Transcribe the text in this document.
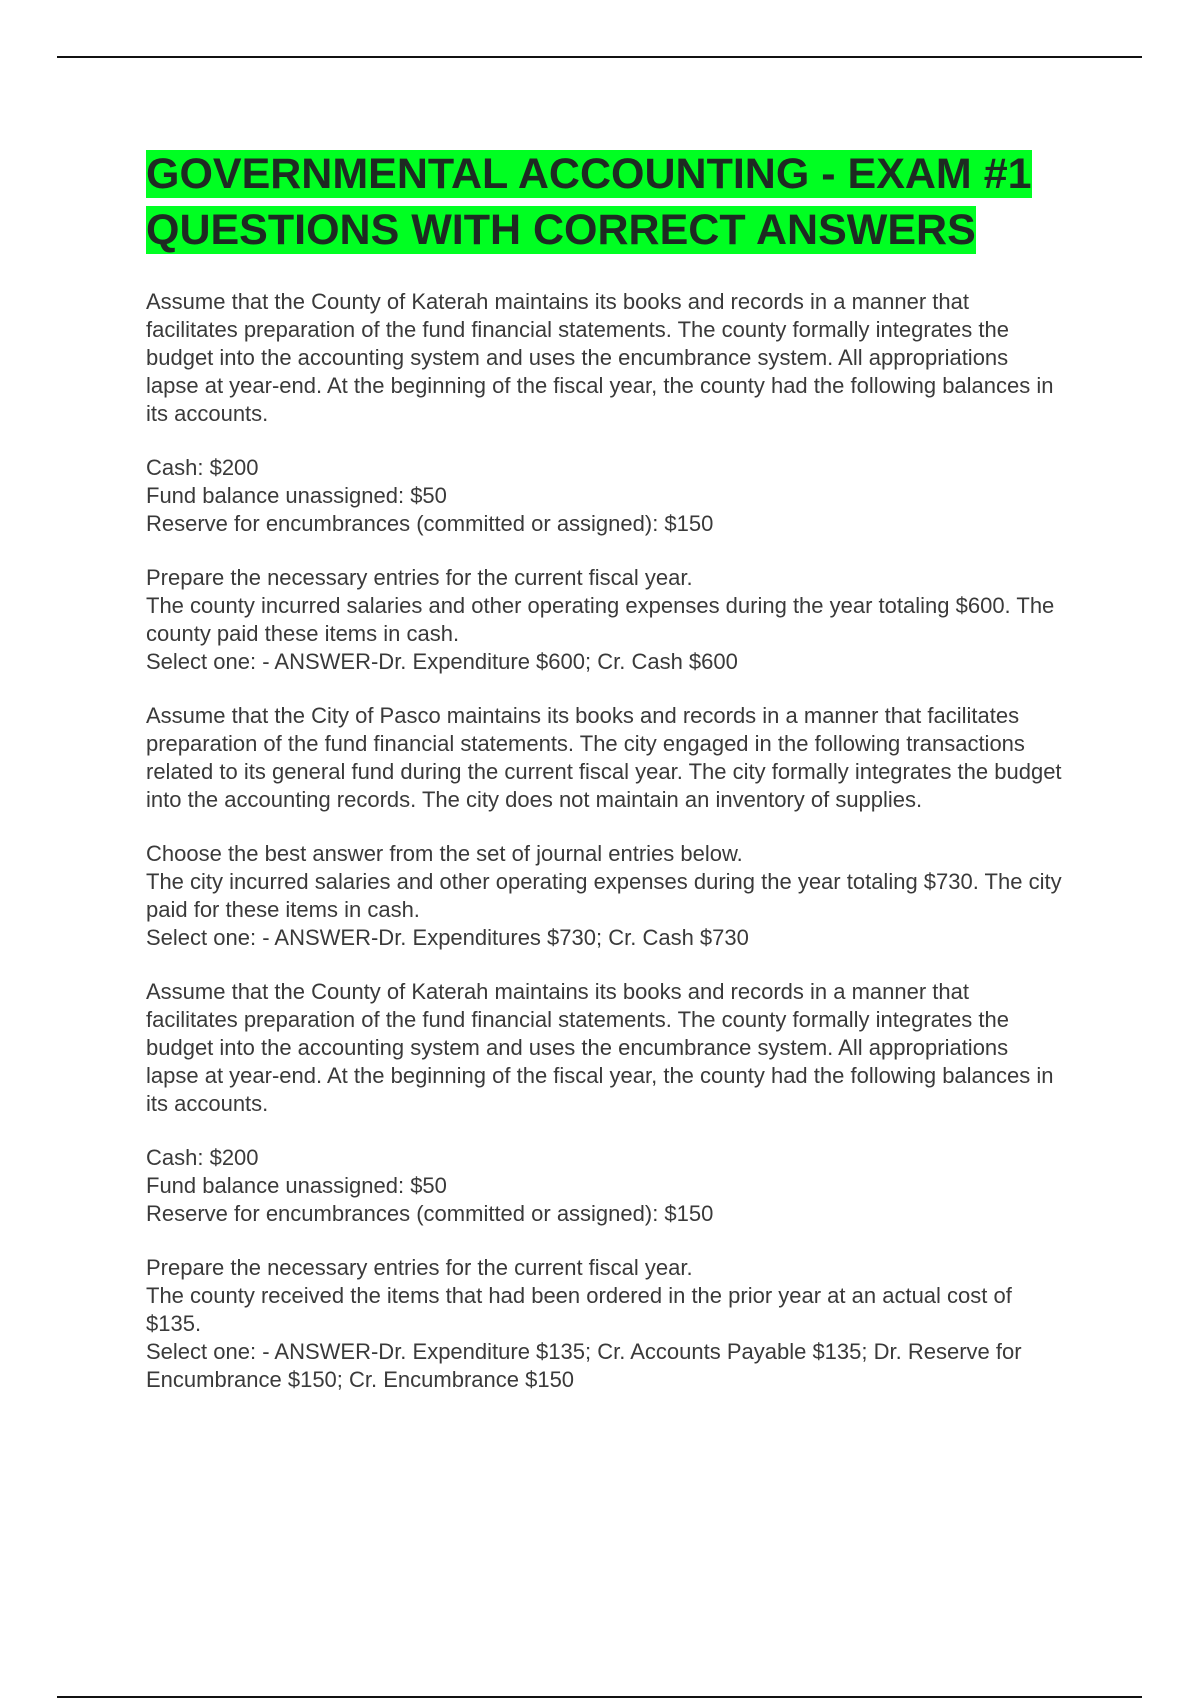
GOVERNMENTAL ACCOUNTING - EXAM #1 QUESTIONS WITH CORRECT ANSWERS
Assume that the County of Katerah maintains its books and records in a manner that facilitates preparation of the fund financial statements. The county formally integrates the budget into the accounting system and uses the encumbrance system. All appropriations lapse at year-end. At the beginning of the fiscal year, the county had the following balances in its accounts.
Cash: $200
Fund balance unassigned: $50
Reserve for encumbrances (committed or assigned): $150
Prepare the necessary entries for the current fiscal year.
The county incurred salaries and other operating expenses during the year totaling $600. The county paid these items in cash.
Select one: - ANSWER-Dr. Expenditure $600; Cr. Cash $600
Assume that the City of Pasco maintains its books and records in a manner that facilitates preparation of the fund financial statements. The city engaged in the following transactions related to its general fund during the current fiscal year. The city formally integrates the budget into the accounting records. The city does not maintain an inventory of supplies.
Choose the best answer from the set of journal entries below.
The city incurred salaries and other operating expenses during the year totaling $730. The city paid for these items in cash.
Select one: - ANSWER-Dr. Expenditures $730; Cr. Cash $730
Assume that the County of Katerah maintains its books and records in a manner that facilitates preparation of the fund financial statements. The county formally integrates the budget into the accounting system and uses the encumbrance system. All appropriations lapse at year-end. At the beginning of the fiscal year, the county had the following balances in its accounts.
Cash: $200
Fund balance unassigned: $50
Reserve for encumbrances (committed or assigned): $150
Prepare the necessary entries for the current fiscal year.
The county received the items that had been ordered in the prior year at an actual cost of $135.
Select one: - ANSWER-Dr. Expenditure $135; Cr. Accounts Payable $135; Dr. Reserve for Encumbrance $150; Cr. Encumbrance $150
